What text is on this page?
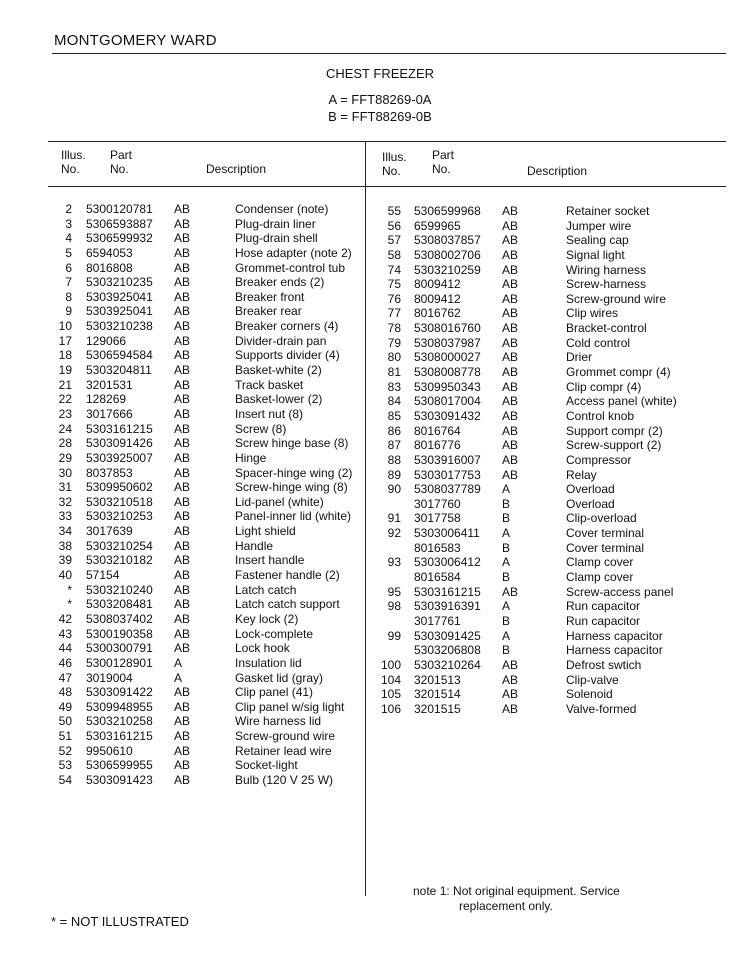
MONTGOMERY WARD
CHEST FREEZER
A = FFT88269-0A
B = FFT88269-0B
Illus.
No.
Part
No.	Description
Illus.
No.
Part
No.	Description
2 5300120781 AB	Condenser (note)
3 5306593887 AB	Plug-drain liner
4 5306599932 AB	Plug-drain shell
5 6594053	AB	Hose adapter (note 2)
6 8016808	AB	Grommet-control tub
7 5303210235 AB	Breaker ends (2)
8 5303925041 AB	Breaker front
9 5303925041 AB	Breaker rear
10 5303210238 AB	Breaker corners (4)
17 129066	AB	Divider-drain pan
18 5306594584 AB	Supports divider (4)
19 5303204811 AB	Basket-white (2)
21 3201531	AB	Track basket
22 128269	AB	Basket-lower (2)
23 3017666	AB	Insert nut (8)
24 5303161215 AB	Screw (8)
28 5303091426 AB	Screw hinge base (8)
29 5303925007 AB	Hinge
30 8037853	AB	Spacer-hinge wing (2)
31 5309950602 AB	Screw-hinge wing (8)
32 5303210518 AB	Lid-panel (white)
33 5303210253 AB	Panel-inner lid (white)
34 3017639	AB	Light shield
38 5303210254 AB	Handle
39 5303210182 AB	Insert handle
40 57154	AB	Fastener handle (2)
* 5303210240 AB	Latch catch
* 5303208481 AB	Latch catch support
42 5308037402 AB	Key lock (2)
43 5300190358 AB	Lock-complete
44 5300300791 AB	Lock hook
46 5300128901 A	Insulation lid
47 3019004	A	Gasket lid (gray)
48 5303091422 AB	Clip panel (41)
49 5309948955 AB	Clip panel w/sig light
50 5303210258 AB	Wire harness lid
51 5303161215 AB	Screw-ground wire
52 9950610	AB	Retainer lead wire
53 5306599955 AB	Socket-light
54 5303091423 AB	Bulb (120 V 25 W)
55 5306599968 AB	Retainer socket
56 6599965	AB	Jumper wire
57 5308037857 AB	Sealing cap
58 5308002706 AB	Signal light
74 5303210259 AB	Wiring harness
75 8009412	AB	Screw-harness
76 8009412	AB	Screw-ground wire
77 8016762	AB	Clip wires
78 5308016760 AB	Bracket-control
79 5308037987 AB	Cold control
80 5308000027 AB	Drier
81 5308008778 AB	Grommet compr (4)
83 5309950343 AB	Clip compr (4)
84 5308017004 AB	Access panel (white)
85 5303091432 AB	Control knob
86 8016764	AB	Support compr (2)
87 8016776	AB	Screw-support (2)
88 5303916007 AB	Compressor
89 5303017753 AB	Relay
90 5308037789 A	Overload
3017760	B	Overload
91 3017758	B	Clip-overload
92 5303006411 A	Cover terminal
8016583	B	Cover terminal
93 5303006412 A	Clamp cover
8016584	B	Clamp cover
95 5303161215 AB	Screw-access panel
98 5303916391 A	Run capacitor
3017761	B	Run capacitor
99 5303091425 A	Harness capacitor
5303206808 B	Harness capacitor
100 5303210264 AB	Defrost swtich
104 3201513	AB	Clip-valve
105 3201514	AB	Solenoid
106 3201515	AB	Valve-formed
note 1: Not original equipment. Service
replacement only.
* = NOT ILLUSTRATED
